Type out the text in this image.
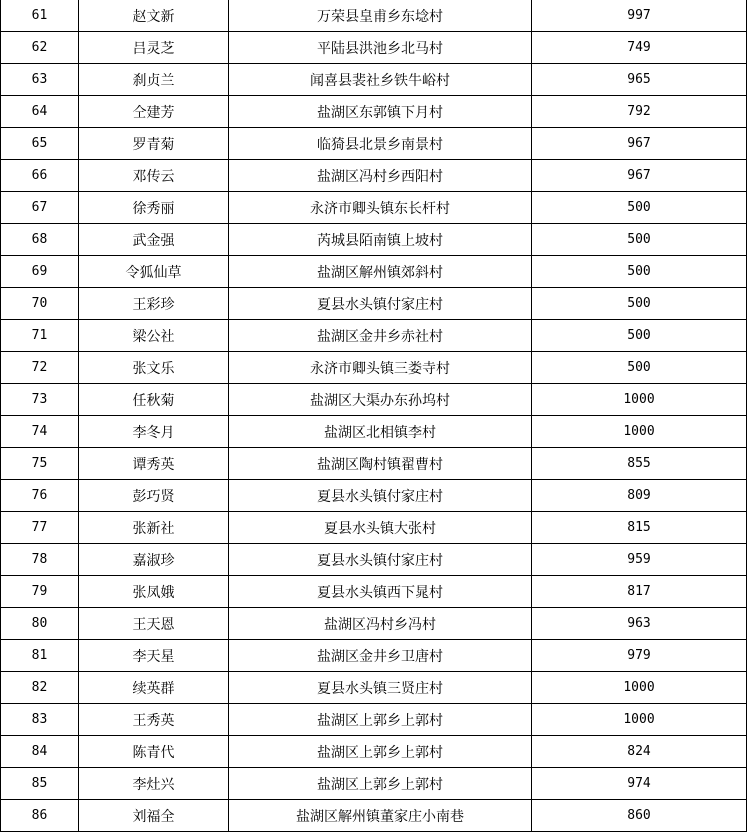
61	赵文新	万荣县皇甫乡东埝村	997
62	吕灵芝	平陆县洪池乡北马村	749
63	刹贞兰	闻喜县裴社乡铁牛峪村	965
64	仝建芳	盐湖区东郭镇下月村	792
65	罗青菊	临猗县北景乡南景村	967
66	邓传云	盐湖区冯村乡西阳村	967
67	徐秀丽	永济市卿头镇东长杆村	500
68	武金强	芮城县陌南镇上坡村	500
69	令狐仙草	盐湖区解州镇郊斜村	500
70	王彩珍	夏县水头镇付家庄村	500
71	梁公社	盐湖区金井乡赤社村	500
72	张文乐	永济市卿头镇三娄寺村	500
73	任秋菊	盐湖区大渠办东孙坞村	1000
74	李冬月	盐湖区北相镇李村	1000
75	谭秀英	盐湖区陶村镇翟曹村	855
76	彭巧贤	夏县水头镇付家庄村	809
77	张新社	夏县水头镇大张村	815
78	嘉淑珍	夏县水头镇付家庄村	959
79	张凤娥	夏县水头镇西下晁村	817
80	王天恩	盐湖区冯村乡冯村	963
81	李天星	盐湖区金井乡卫唐村	979
82	续英群	夏县水头镇三贤庄村	1000
83	王秀英	盐湖区上郭乡上郭村	1000
84	陈青代	盐湖区上郭乡上郭村	824
85	李灶兴	盐湖区上郭乡上郭村	974
86	刘福全	盐湖区解州镇董家庄小南巷	860
